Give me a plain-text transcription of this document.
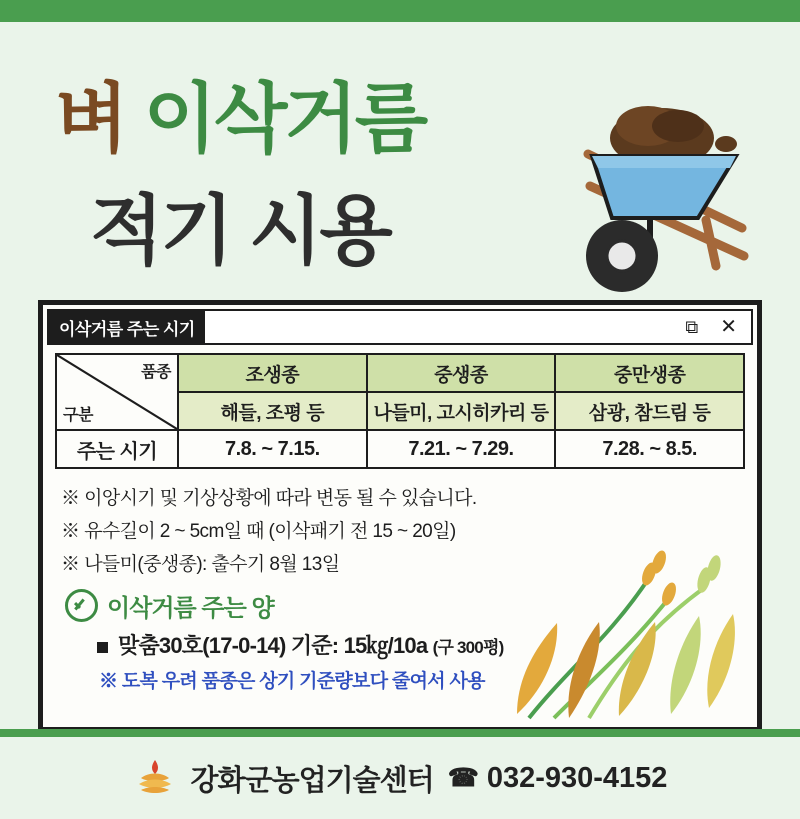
벼 이삭거름
적기 시용
이삭거름 주는 시기	⧉ ✕
품종
구분	조생종	중생종	중만생종
	해들, 조평 등	나들미, 고시히카리 등	삼광, 참드림 등
주는 시기	7.8. ~ 7.15.	7.21. ~ 7.29.	7.28. ~ 8.5.
※ 이앙시기 및 기상상황에 따라 변동 될 수 있습니다.
※ 유수길이 2 ~ 5cm일 때 (이삭패기 전 15 ~ 20일)
※ 나들미(중생종): 출수기 8월 13일
이삭거름 주는 양
맞춤30호(17-0-14) 기준: 15㎏/10a (구 300평)
※ 도복 우려 품종은 상기 기준량보다 줄여서 사용
강화군농업기술센터 ☎ 032-930-4152
